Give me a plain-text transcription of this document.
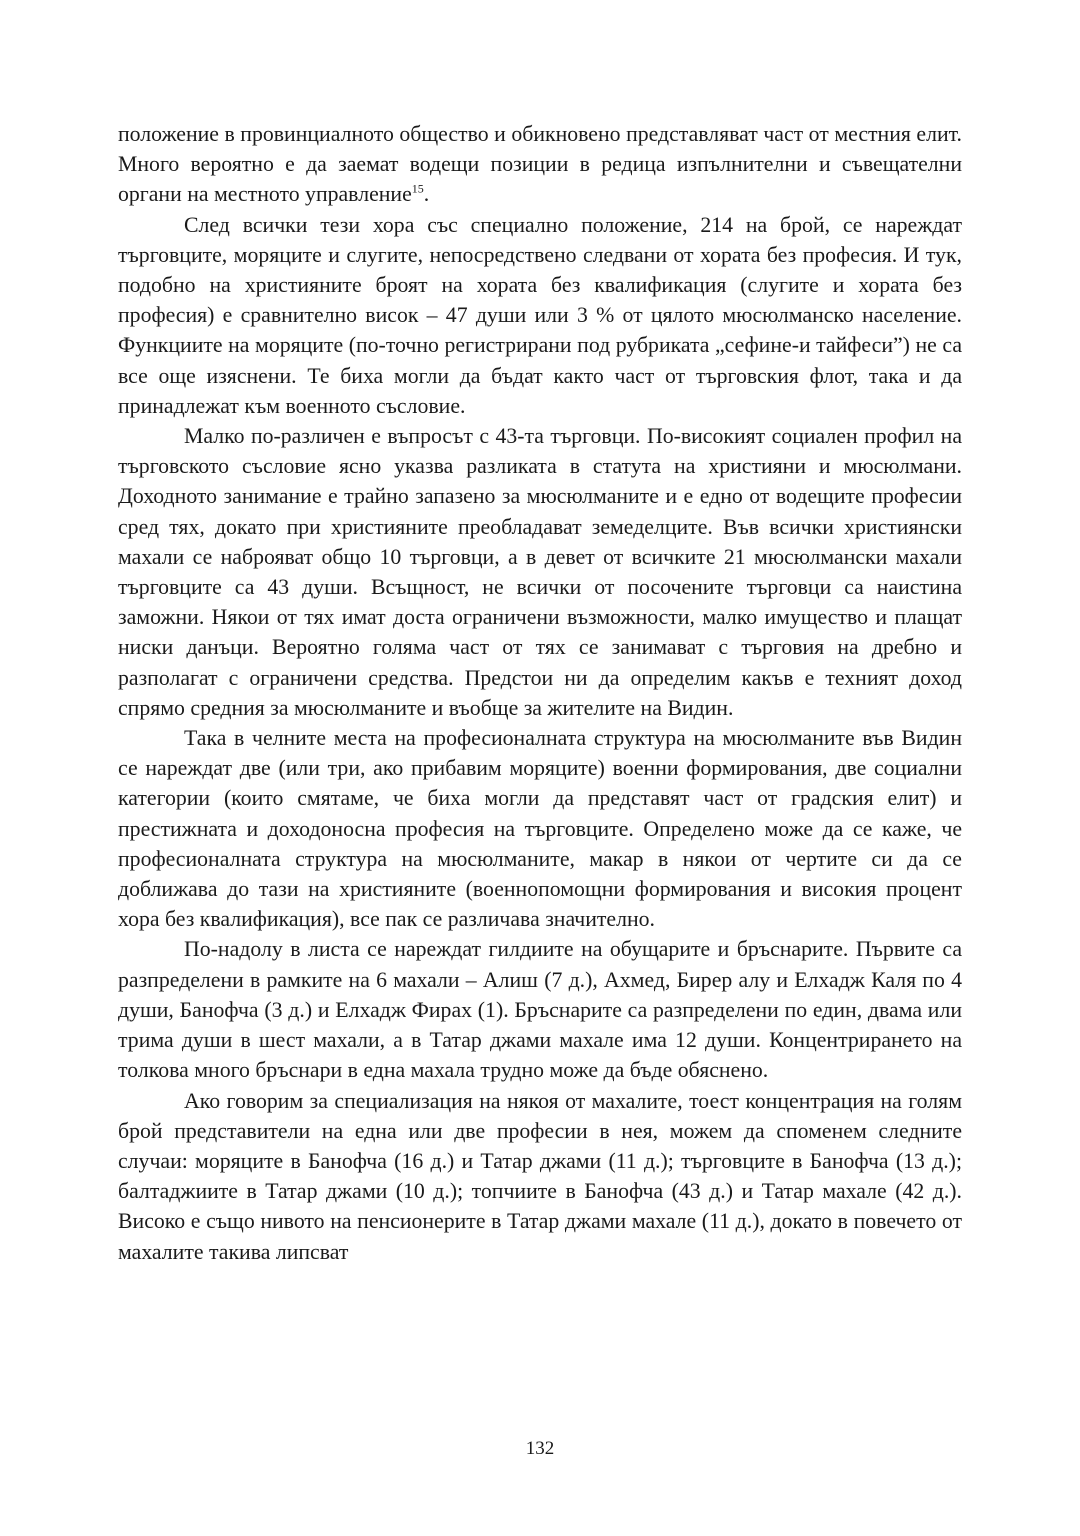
положение в провинциалното общество и обикновено представляват част от местния елит. Много вероятно е да заемат водещи позиции в редица изпълнителни и съвещателни органи на местното управление$^{15}$.

След всички тези хора със специално положение, 214 на брой, се нареждат търговците, моряците и слугите, непосредствено следвани от хората без професия. И тук, подобно на християните броят на хората без квалификация (слугите и хората без професия) е сравнително висок – 47 души или 3 % от цялото мюсюлманско население. Функциите на моряците (по-точно регистрирани под рубриката „сефине-и тайфеси”) не са все още изяснени. Те биха могли да бъдат както част от търговския флот, така и да принадлежат към военното съсловие.

Малко по-различен е въпросът с 43-та търговци. По-високият социален профил на търговското съсловие ясно указва разликата в статута на християни и мюсюлмани. Доходното занимание е трайно запазено за мюсюлманите и е едно от водещите професии сред тях, докато при християните преобладават земеделците. Във всички християнски махали се наброяват общо 10 търговци, а в девет от всичките 21 мюсюлмански махали търговците са 43 души. Всъщност, не всички от посочените търговци са наистина заможни. Някои от тях имат доста ограничени възможности, малко имущество и плащат ниски данъци. Вероятно голяма част от тях се занимават с търговия на дребно и разполагат с ограничени средства. Предстои ни да определим какъв е техният доход спрямо средния за мюсюлманите и въобще за жителите на Видин.

Така в челните места на професионалната структура на мюсюлманите във Видин се нареждат две (или три, ако прибавим моряците) военни формирования, две социални категории (които смятаме, че биха могли да представят част от градския елит) и престижната и доходоносна професия на търговците. Определено може да се каже, че професионалната структура на мюсюлманите, макар в някои от чертите си да се доближава до тази на християните (военнопомощни формирования и високия процент хора без квалификация), все пак се различава значително.

По-надолу в листа се нареждат гилдиите на обущарите и бръснарите. Първите са разпределени в рамките на 6 махали – Алиш (7 д.), Ахмед, Бирер алу и Елхадж Каля по 4 души, Банофча (3 д.) и Елхадж Фирах (1). Бръснарите са разпределени по един, двама или трима души в шест махали, а в Татар джами махале има 12 души. Концентрирането на толкова много бръснари в една махала трудно може да бъде обяснено.

Ако говорим за специализация на някоя от махалите, тоест концентрация на голям брой представители на една или две професии в нея, можем да споменем следните случаи: моряците в Банофча (16 д.) и Татар джами (11 д.); търговците в Банофча (13 д.); балтаджиите в Татар джами (10 д.); топчиите в Банофча (43 д.) и Татар махале (42 д.). Високо е също нивото на пенсионерите в Татар джами махале (11 д.), докато в повечето от махалите такива липсват

132
